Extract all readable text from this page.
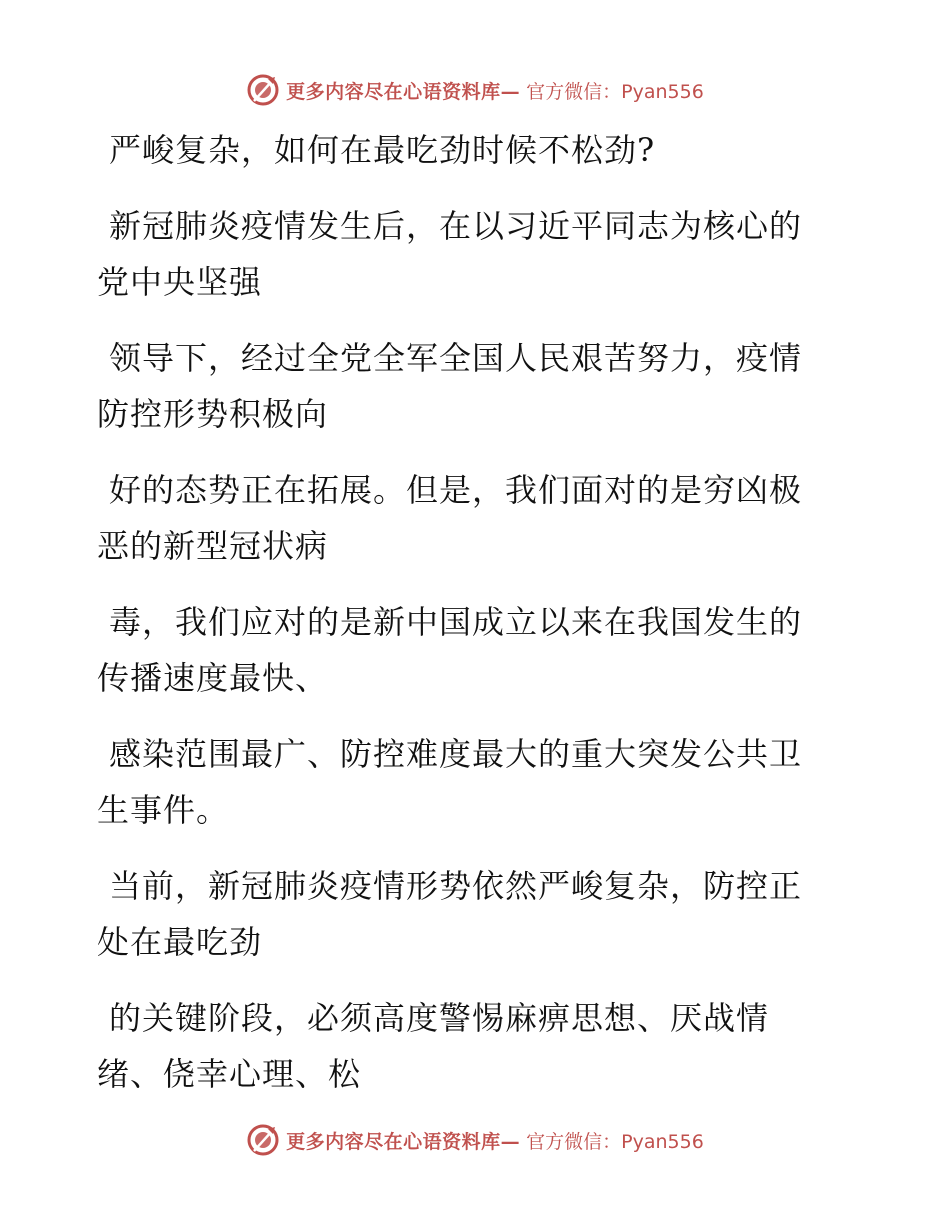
更多内容尽在心语资料库— 官方微信：Pyan556

严峻复杂，如何在最吃劲时候不松劲?

新冠肺炎疫情发生后，在以习近平同志为核心的
党中央坚强

领导下，经过全党全军全国人民艰苦努力，疫情
防控形势积极向

好的态势正在拓展。但是，我们面对的是穷凶极
恶的新型冠状病

毒，我们应对的是新中国成立以来在我国发生的
传播速度最快、

感染范围最广、防控难度最大的重大突发公共卫
生事件。

当前，新冠肺炎疫情形势依然严峻复杂，防控正
处在最吃劲

的关键阶段，必须高度警惕麻痹思想、厌战情
绪、侥幸心理、松

更多内容尽在心语资料库— 官方微信：Pyan556
